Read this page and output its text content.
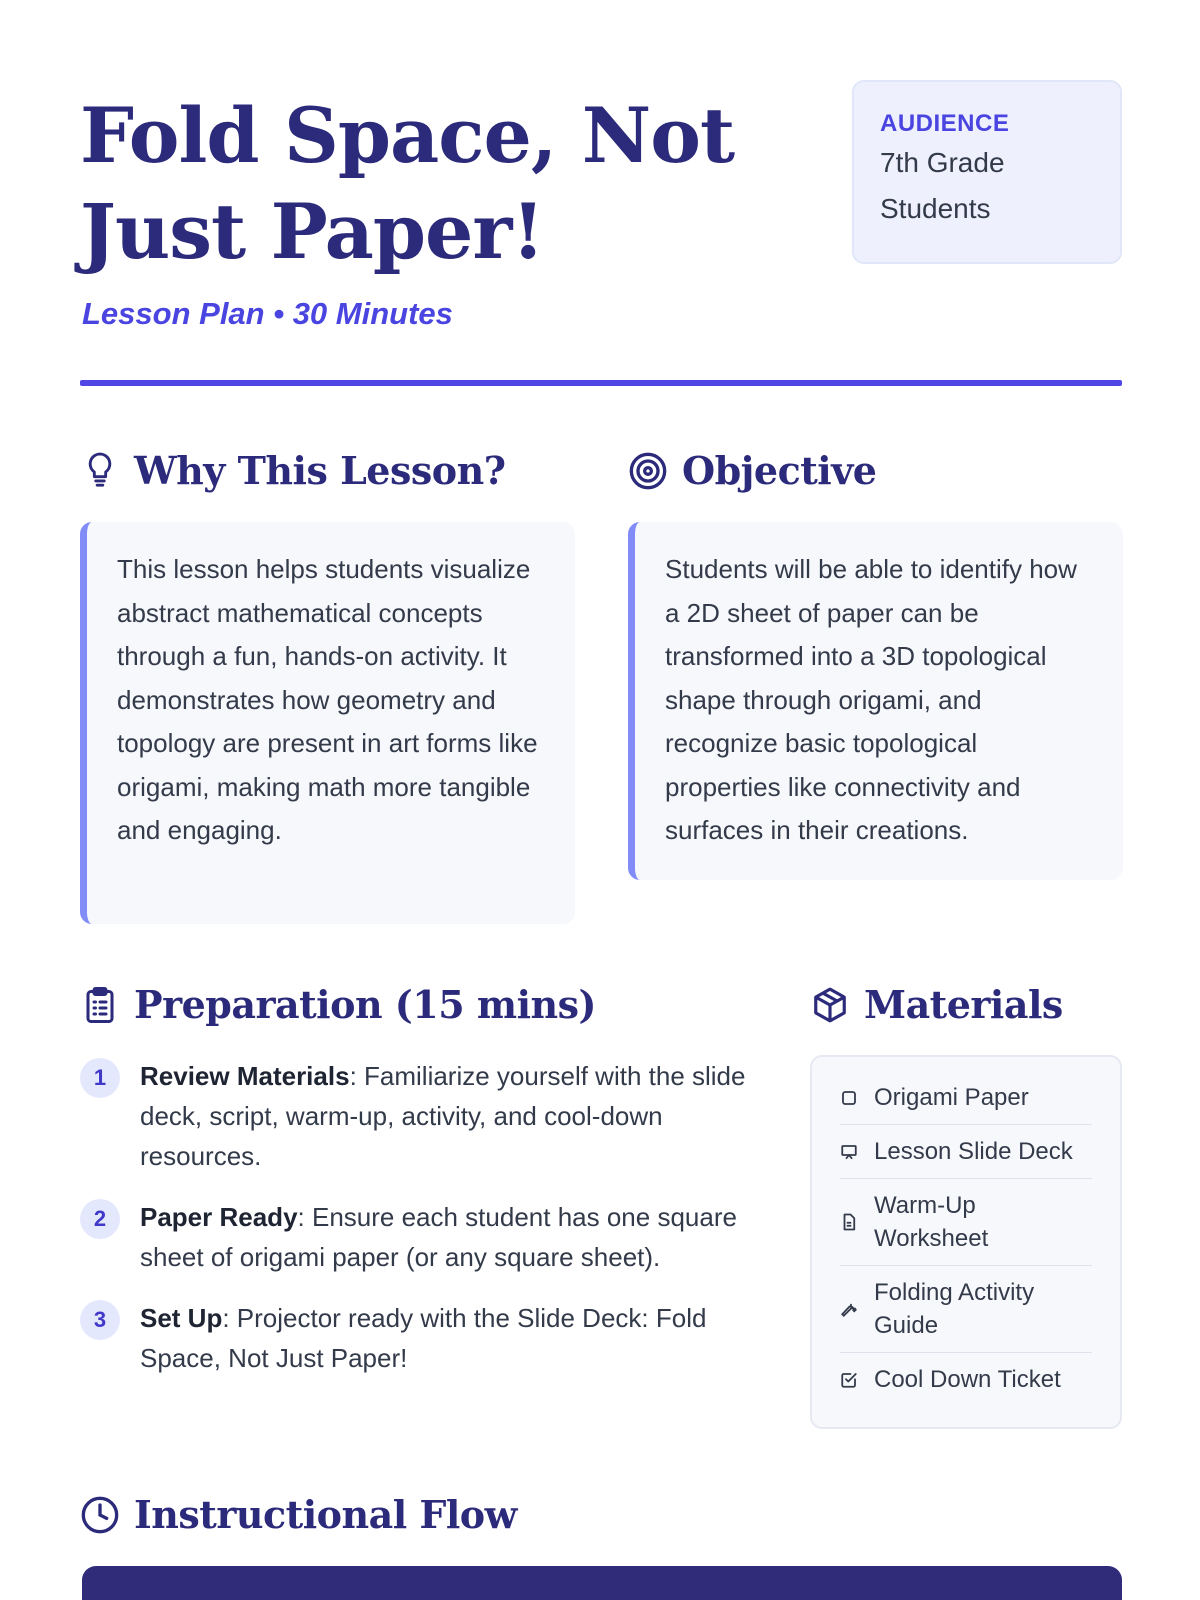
Fold Space, Not Just Paper!
Lesson Plan • 30 Minutes
AUDIENCE
7th Grade Students
Why This Lesson?

This lesson helps students visualize abstract mathematical concepts through a fun, hands-on activity. It demonstrates how geometry and topology are present in art forms like origami, making math more tangible and engaging.

Objective

Students will be able to identify how a 2D sheet of paper can be transformed into a 3D topological shape through origami, and recognize basic topological properties like connectivity and surfaces in their creations.

Preparation (15 mins)
1	Review Materials: Familiarize yourself with the slide deck, script, warm-up, activity, and cool-down resources.
2	Paper Ready: Ensure each student has one square sheet of origami paper (or any square sheet).
3	Set Up: Projector ready with the Slide Deck: Fold Space, Not Just Paper!
Materials
Origami Paper
Lesson Slide Deck
Warm-Up Worksheet
Folding Activity Guide
Cool Down Ticket
Instructional Flow
